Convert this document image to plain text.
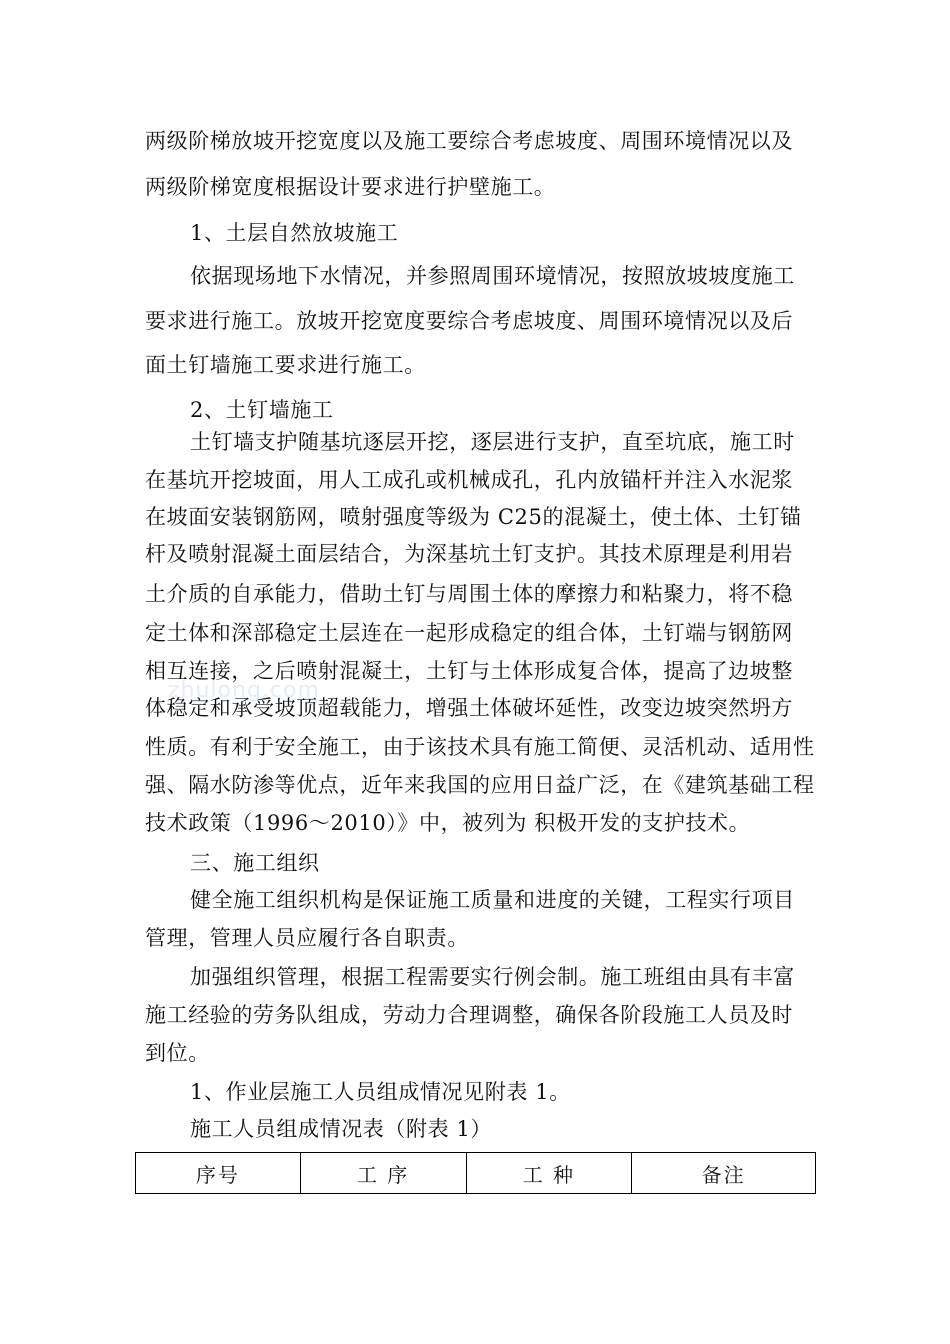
两级阶梯放坡开挖宽度以及施工要综合考虑坡度、周围环境情况以及
两级阶梯宽度根据设计要求进行护壁施工。
1、土层自然放坡施工
依据现场地下水情况，并参照周围环境情况，按照放坡坡度施工
要求进行施工。放坡开挖宽度要综合考虑坡度、周围环境情况以及后
面土钉墙施工要求进行施工。
2、土钉墙施工
土钉墙支护随基坑逐层开挖，逐层进行支护，直至坑底，施工时
在基坑开挖坡面，用人工成孔或机械成孔，孔内放锚杆并注入水泥浆
在坡面安装钢筋网，喷射强度等级为 C25的混凝土，使土体、土钉锚
杆及喷射混凝土面层结合，为深基坑土钉支护。其技术原理是利用岩
土介质的自承能力，借助土钉与周围土体的摩擦力和粘聚力，将不稳
定土体和深部稳定土层连在一起形成稳定的组合体，土钉端与钢筋网
相互连接，之后喷射混凝土，土钉与土体形成复合体，提高了边坡整
体稳定和承受坡顶超载能力，增强土体破坏延性，改变边坡突然坍方
性质。有利于安全施工，由于该技术具有施工简便、灵活机动、适用性
强、隔水防渗等优点，近年来我国的应用日益广泛，在《建筑基础工程
技术政策（1996～2010）》中，被列为 积极开发的支护技术。
三、施工组织
健全施工组织机构是保证施工质量和进度的关键，工程实行项目
管理，管理人员应履行各自职责。
加强组织管理，根据工程需要实行例会制。施工班组由具有丰富
施工经验的劳务队组成，劳动力合理调整，确保各阶段施工人员及时
到位。
1、作业层施工人员组成情况见附表 1。
施工人员组成情况表（附表 1）
zhulong.com
序号	工 序	工 种	备注
